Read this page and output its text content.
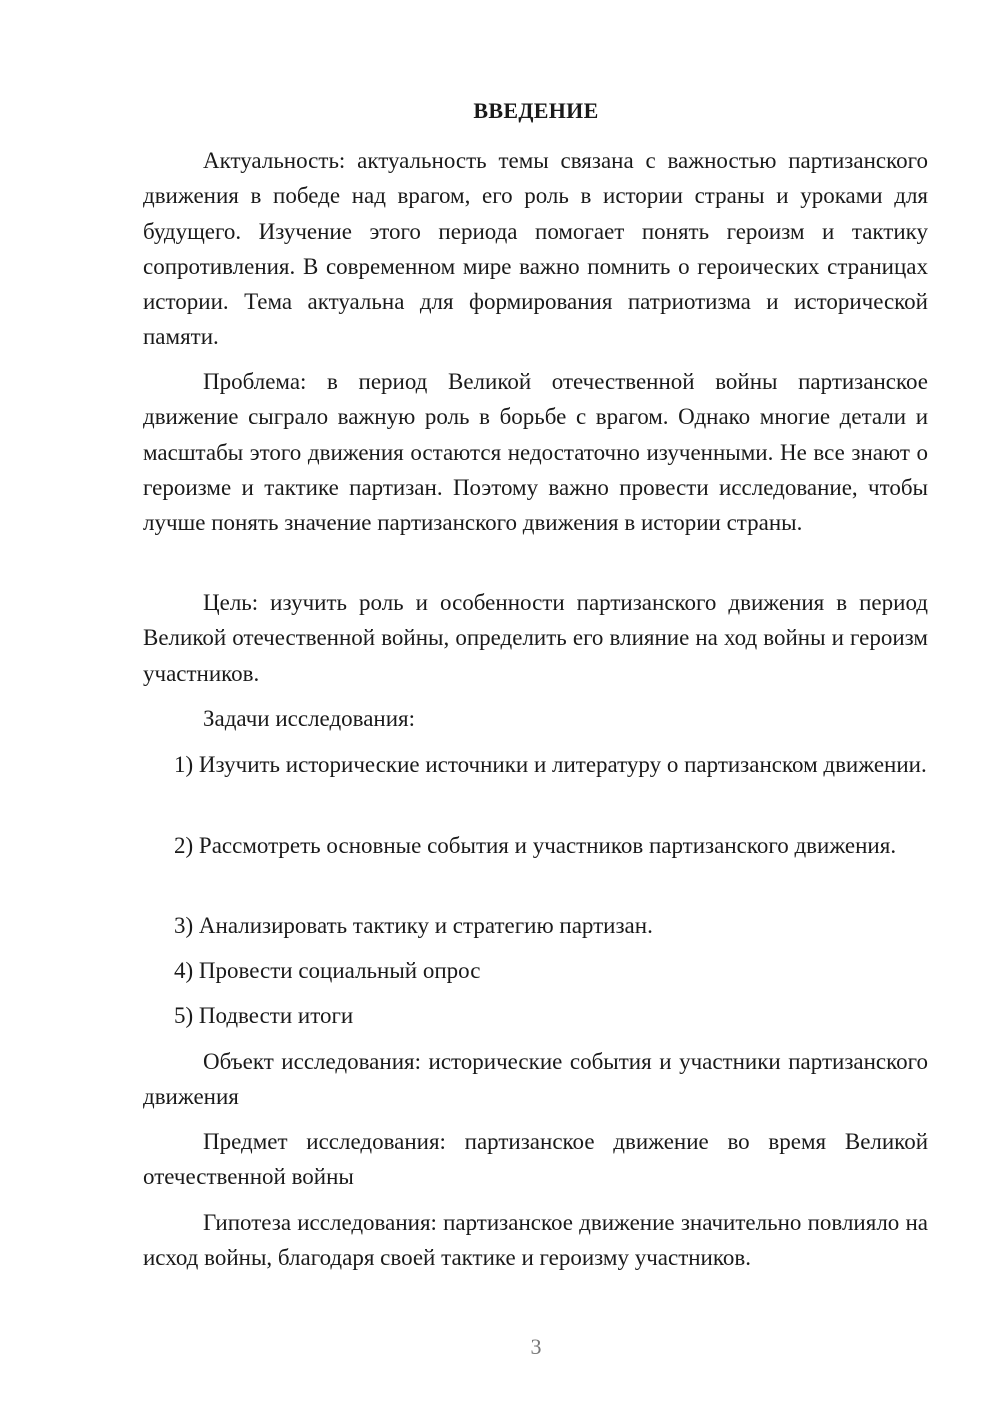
ВВЕДЕНИЕ

Актуальность: актуальность темы связана с важностью партизанского движения в победе над врагом, его роль в истории страны и уроками для будущего. Изучение этого периода помогает понять героизм и тактику сопротивления. В современном мире важно помнить о героических страницах истории. Тема актуальна для формирования патриотизма и исторической памяти.

Проблема: в период Великой отечественной войны партизанское движение сыграло важную роль в борьбе с врагом. Однако многие детали и масштабы этого движения остаются недостаточно изученными. Не все знают о героизме и тактике партизан. Поэтому важно провести исследование, чтобы лучше понять значение партизанского движения в истории страны.

Цель: изучить роль и особенности партизанского движения в период Великой отечественной войны, определить его влияние на ход войны и героизм участников.

Задачи исследования:

1) Изучить исторические источники и литературу о партизанском движении.

2) Рассмотреть основные события и участников партизанского движения.

3) Анализировать тактику и стратегию партизан.

4) Провести социальный опрос

5) Подвести итоги

Объект исследования: исторические события и участники партизанского движения

Предмет исследования: партизанское движение во время Великой отечественной войны

Гипотеза исследования: партизанское движение значительно повлияло на исход войны, благодаря своей тактике и героизму участников.

3
